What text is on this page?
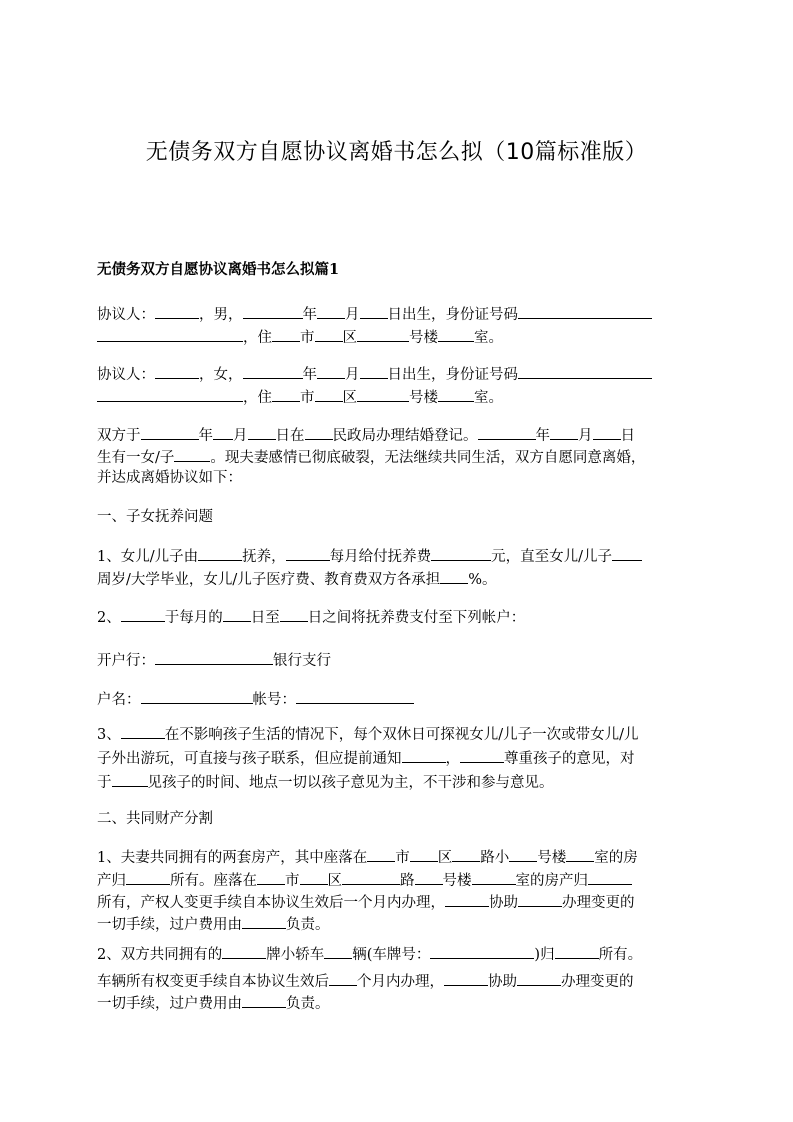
无债务双方自愿协议离婚书怎么拟（10篇标准版）
无债务双方自愿协议离婚书怎么拟篇1
协议人：	，男，	年 月 日出生，身份证号码
，住 市 区	号楼 室。
协议人：	，女，	年 月 日出生，身份证号码
，住 市 区	号楼 室。
双方于	年 月 日在 民政局办理结婚登记。	年 月 日
生有一女/子 。现夫妻感情已彻底破裂，无法继续共同生活，双方自愿同意离婚，
并达成离婚协议如下：
一、子女抚养问题
1、女儿/儿子由	抚养，	每月给付抚养费	元，直至女儿/儿子
周岁/大学毕业，女儿/儿子医疗费、教育费双方各承担 %。
2、	于每月的 日至 日之间将抚养费支付至下列帐户：
开户行：	银行支行
户名：	帐号：
3、	在不影响孩子生活的情况下，每个双休日可探视女儿/儿子一次或带女儿/儿
子外出游玩，可直接与孩子联系，但应提前通知	，	尊重孩子的意见，对
于 见孩子的时间、地点一切以孩子意见为主，不干涉和参与意见。
二、共同财产分割
1、夫妻共同拥有的两套房产，其中座落在 市 区 路小 号楼 室的房
产归	所有。座落在 市 区	路 号楼	室的房产归
所有，产权人变更手续自本协议生效后一个月内办理，	协助	办理变更的
一切手续，过户费用由	负责。
2、双方共同拥有的	牌小轿车 辆(车牌号：	)归	所有。
车辆所有权变更手续自本协议生效后 个月内办理，	协助	办理变更的
一切手续，过户费用由	负责。
